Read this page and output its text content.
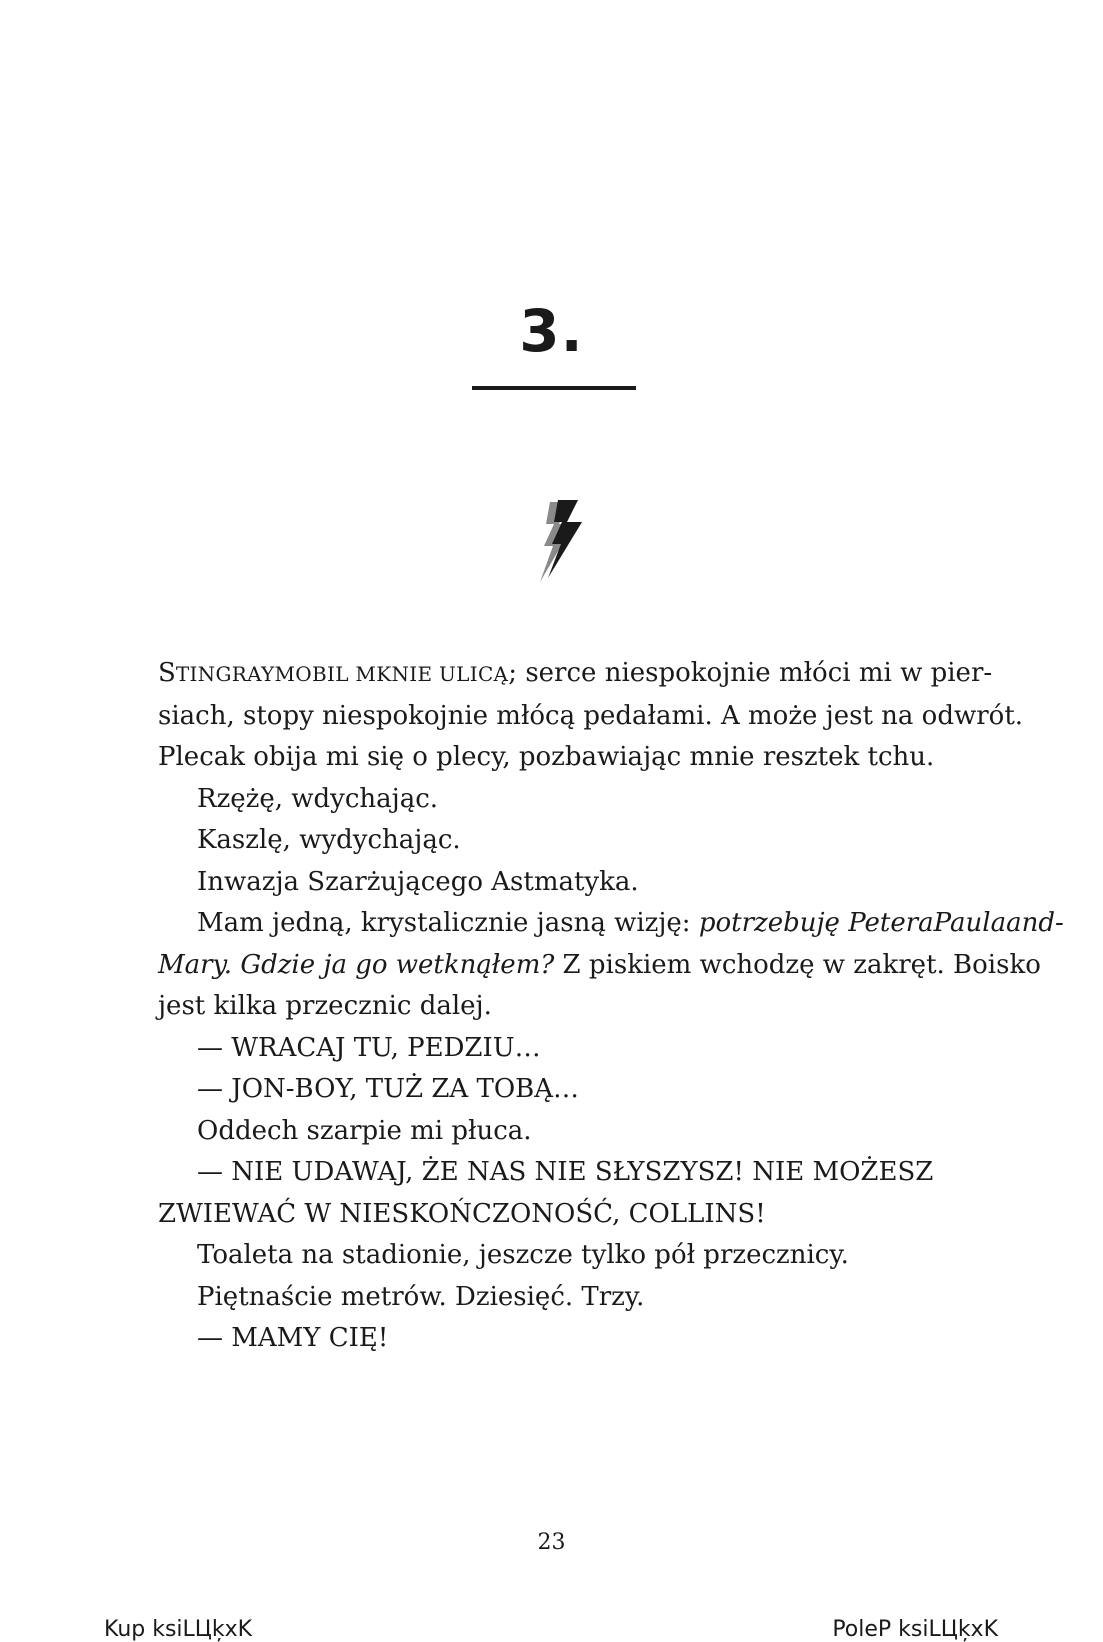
3.

STINGRAYMOBIL MKNIE ULICĄ; serce niespokojnie młóci mi w pier-

siach, stopy niespokojnie młócą pedałami. A może jest na odwrót.

Plecak obija mi się o plecy, pozbawiając mnie resztek tchu.

Rzężę, wdychając.

Kaszlę, wydychając.

Inwazja Szarżującego Astmatyka.

Mam jedną, krystalicznie jasną wizję: potrzebuję PeteraPaulaand-

Mary. Gdzie ja go wetknąłem? Z piskiem wchodzę w zakręt. Boisko

jest kilka przecznic dalej.

— WRACAJ TU, PEDZIU…

— JON-BOY, TUŻ ZA TOBĄ…

Oddech szarpie mi płuca.

— NIE UDAWAJ, ŻE NAS NIE SŁYSZYSZ! NIE MOŻESZ

ZWIEWAĆ W NIESKOŃCZONOŚĆ, COLLINS!

Toaleta na stadionie, jeszcze tylko pół przecznicy.

Piętnaście metrów. Dziesięć. Trzy.

— MAMY CIĘ!

23
Kup ksiLЦķxK	PoleP ksiLЦķxK
